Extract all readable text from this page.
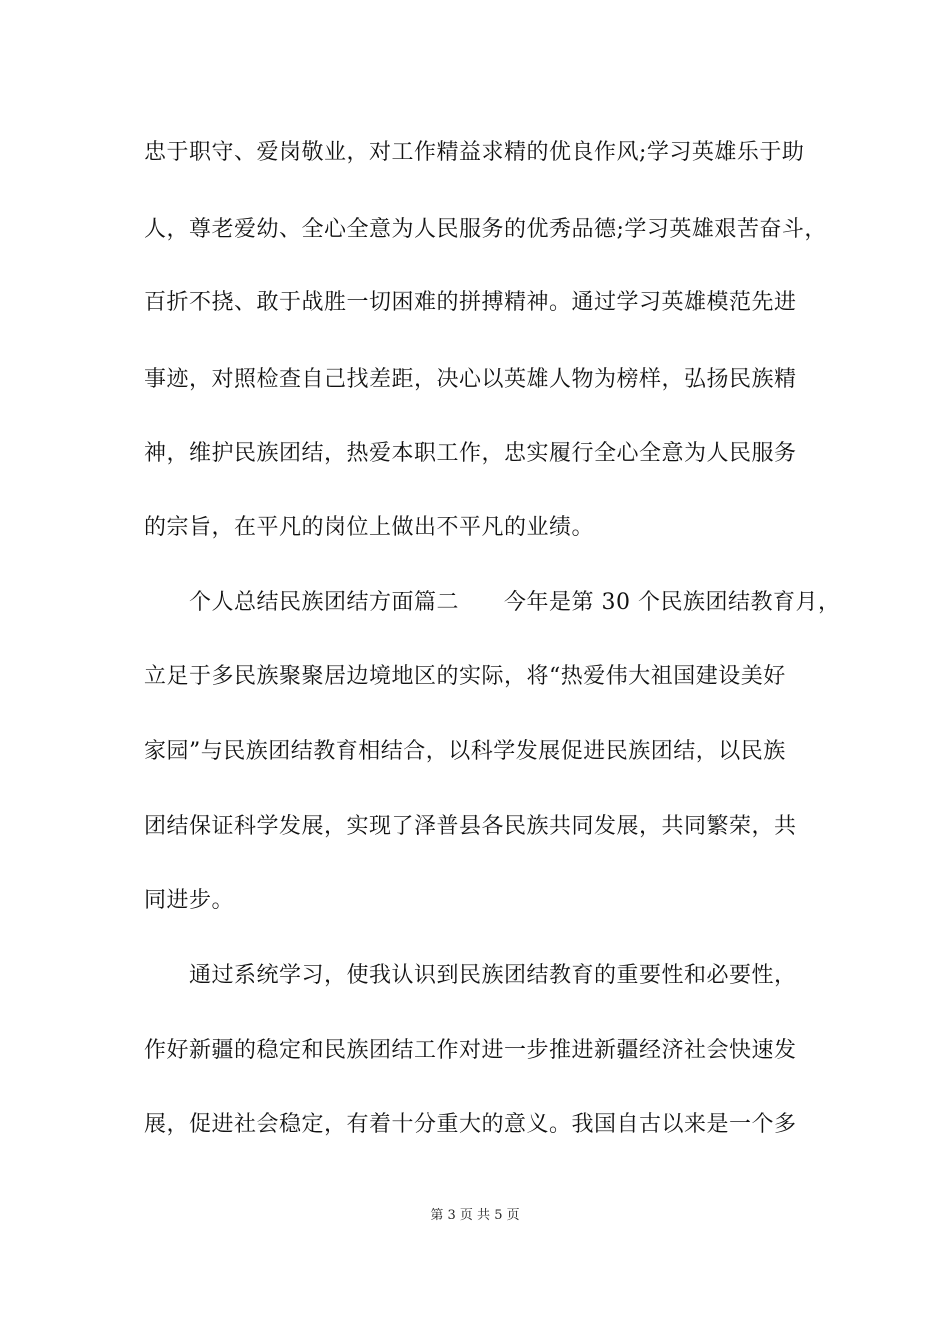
忠于职守、爱岗敬业，对工作精益求精的优良作风;学习英雄乐于助
人，尊老爱幼、全心全意为人民服务的优秀品德;学习英雄艰苦奋斗，
百折不挠、敢于战胜一切困难的拼搏精神。通过学习英雄模范先进
事迹，对照检查自己找差距，决心以英雄人物为榜样，弘扬民族精
神，维护民族团结，热爱本职工作，忠实履行全心全意为人民服务
的宗旨，在平凡的岗位上做出不平凡的业绩。
　　个人总结民族团结方面篇二　　今年是第 30 个民族团结教育月，
立足于多民族聚聚居边境地区的实际，将“热爱伟大祖国建设美好
家园”与民族团结教育相结合，以科学发展促进民族团结，以民族
团结保证科学发展，实现了泽普县各民族共同发展，共同繁荣，共
同进步。
　　通过系统学习，使我认识到民族团结教育的重要性和必要性，
作好新疆的稳定和民族团结工作对进一步推进新疆经济社会快速发
展，促进社会稳定，有着十分重大的意义。我国自古以来是一个多
第 3 页 共 5 页
